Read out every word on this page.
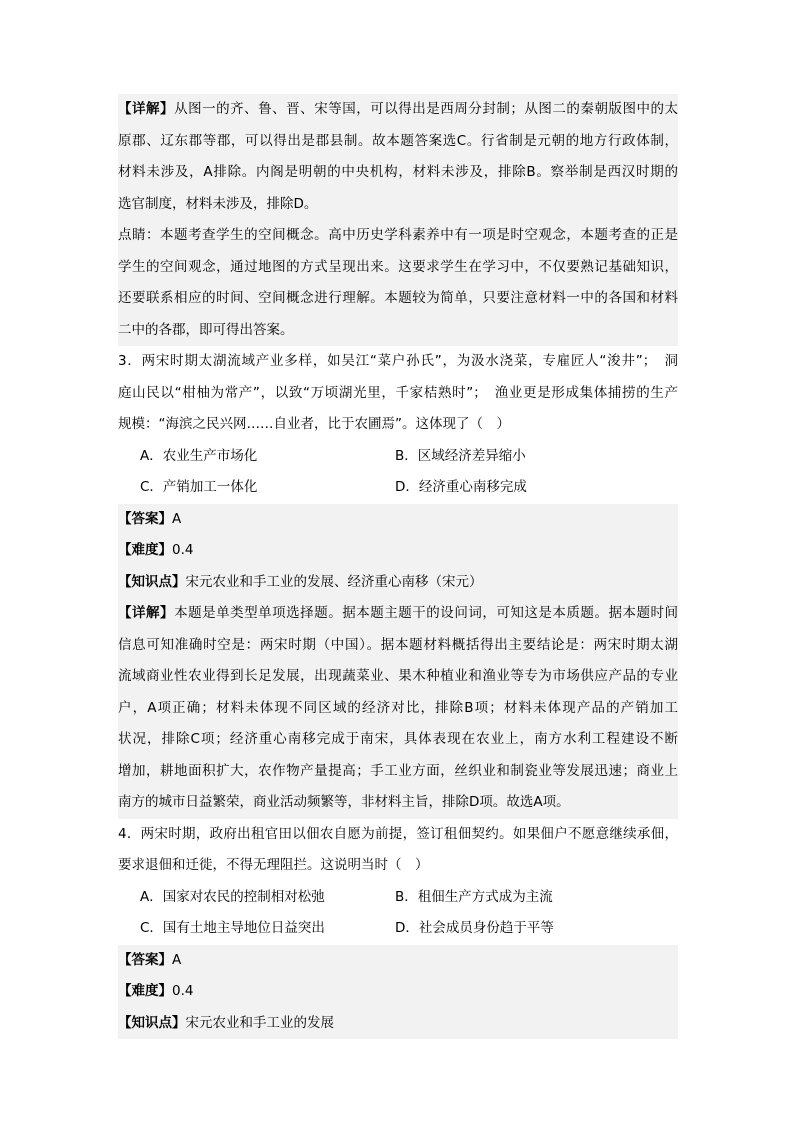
【详解】从图一的齐、鲁、晋、宋等国，可以得出是西周分封制；从图二的秦朝版图中的太
原郡、辽东郡等郡，可以得出是郡县制。故本题答案选C。行省制是元朝的地方行政体制，
材料未涉及，A排除。内阁是明朝的中央机构，材料未涉及，排除B。察举制是西汉时期的
选官制度，材料未涉及，排除D。
点睛：本题考查学生的空间概念。高中历史学科素养中有一项是时空观念，本题考查的正是
学生的空间观念，通过地图的方式呈现出来。这要求学生在学习中，不仅要熟记基础知识，
还要联系相应的时间、空间概念进行理解。本题较为简单，只要注意材料一中的各国和材料
二中的各郡，即可得出答案。
3．两宋时期太湖流域产业多样，如吴江“菜户孙氏”，为汲水浇菜，专雇匠人“浚井”；　洞
庭山民以“柑柚为常产”，以致“万顷湖光里，千家桔熟时”；　渔业更是形成集体捕捞的生产
规模：“海滨之民兴网……自业者，比于农圃焉”。这体现了（　）
A．农业生产市场化	B．区域经济差异缩小
C．产销加工一体化	D．经济重心南移完成
【答案】A
【难度】0.4
【知识点】宋元农业和手工业的发展、经济重心南移（宋元）
【详解】本题是单类型单项选择题。据本题主题干的设问词，可知这是本质题。据本题时间
信息可知准确时空是：两宋时期（中国）。据本题材料概括得出主要结论是：两宋时期太湖
流域商业性农业得到长足发展，出现蔬菜业、果木种植业和渔业等专为市场供应产品的专业
户，A项正确；材料未体现不同区域的经济对比，排除B项；材料未体现产品的产销加工
状况，排除C项；经济重心南移完成于南宋，具体表现在农业上，南方水利工程建设不断
增加，耕地面积扩大，农作物产量提高；手工业方面，丝织业和制瓷业等发展迅速；商业上
南方的城市日益繁荣，商业活动频繁等，非材料主旨，排除D项。故选A项。
4．两宋时期，政府出租官田以佃农自愿为前提，签订租佃契约。如果佃户不愿意继续承佃，
要求退佃和迁徙，不得无理阻拦。这说明当时（　）
A．国家对农民的控制相对松弛	B．租佃生产方式成为主流
C．国有土地主导地位日益突出	D．社会成员身份趋于平等
【答案】A
【难度】0.4
【知识点】宋元农业和手工业的发展
